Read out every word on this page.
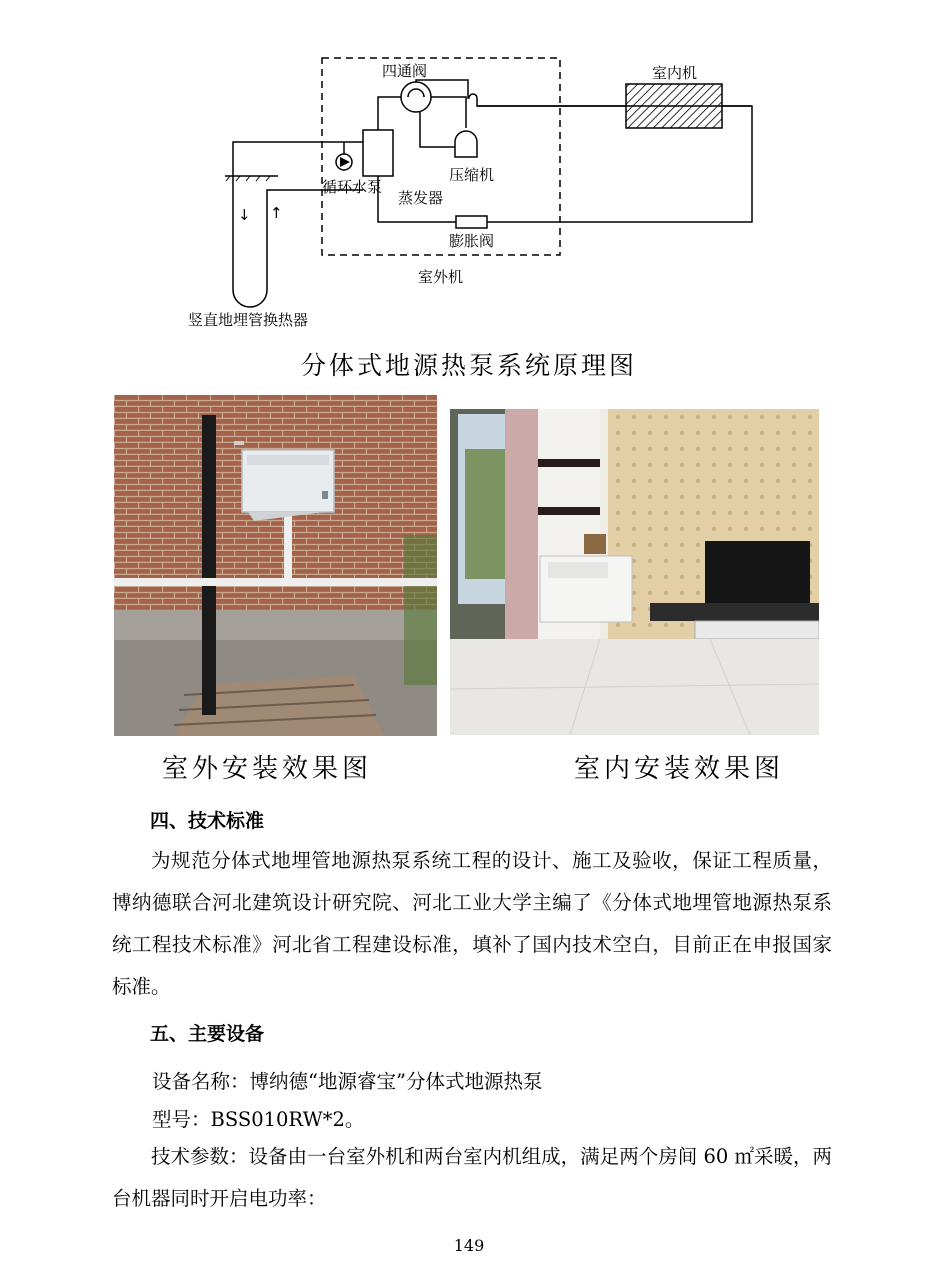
↓ ↑
四通阀	室内机
循环水泵
蒸发器
压缩机
膨胀阀
室外机
竖直地埋管换热器
分体式地源热泵系统原理图
室外安装效果图	室内安装效果图
四、技术标准

为规范分体式地埋管地源热泵系统工程的设计、施工及验收，保证工程质量，博纳德联合河北建筑设计研究院、河北工业大学主编了《分体式地埋管地源热泵系统工程技术标准》河北省工程建设标准，填补了国内技术空白，目前正在申报国家标准。

五、主要设备
设备名称：博纳德“地源睿宝”分体式地源热泵
型号：BSS010RW*2。

技术参数：设备由一台室外机和两台室内机组成，满足两个房间 60 ㎡采暖，两台机器同时开启电功率：

149
